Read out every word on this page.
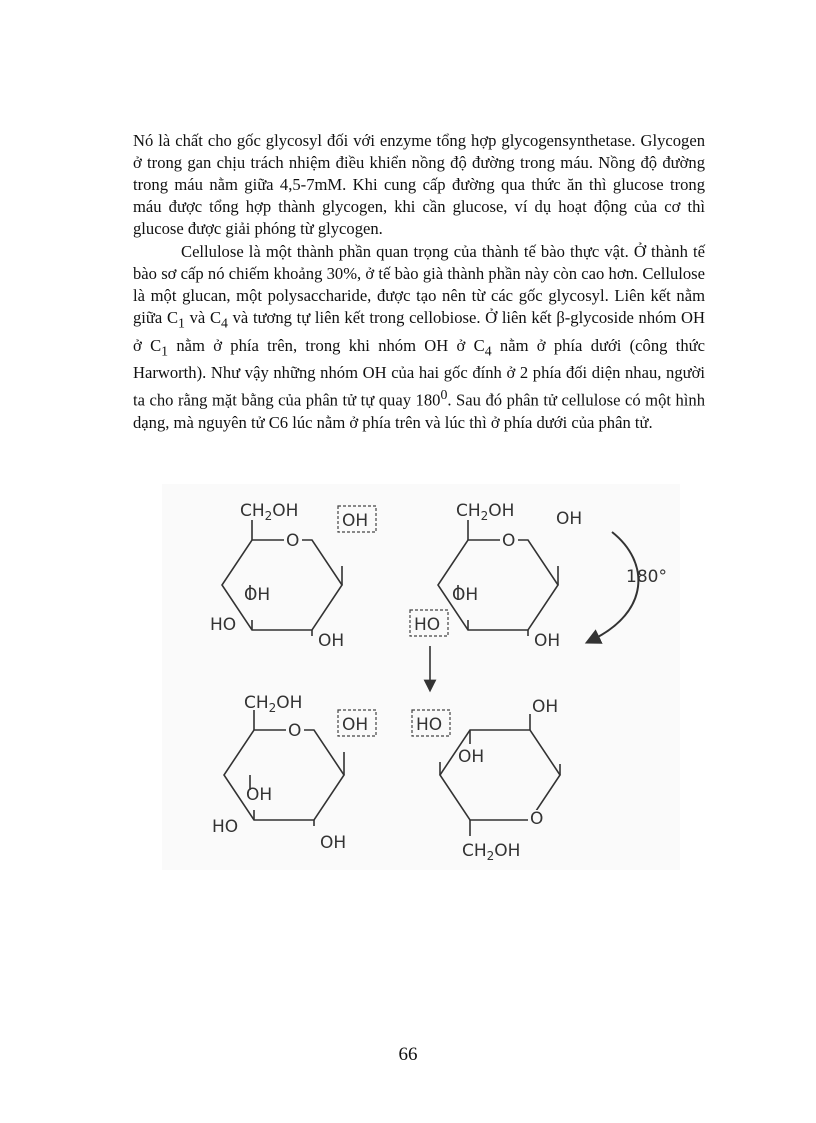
Nó là chất cho gốc glycosyl đối với enzyme tổng hợp glycogensynthetase. Glycogen ở trong gan chịu trách nhiệm điều khiển nồng độ đường trong máu. Nồng độ đường trong máu nằm giữa 4,5-7mM. Khi cung cấp đường qua thức ăn thì glucose trong máu được tổng hợp thành glycogen, khi cần glucose, ví dụ hoạt động của cơ thì glucose được giải phóng từ glycogen.

Cellulose là một thành phần quan trọng của thành tế bào thực vật. Ở thành tế bào sơ cấp nó chiếm khoảng 30%, ở tế bào già thành phần này còn cao hơn. Cellulose là một glucan, một polysaccharide, được tạo nên từ các gốc glycosyl. Liên kết nằm giữa $C_1$ và $C_4$ và tương tự liên kết trong cellobiose. Ở liên kết β-glycoside nhóm OH ở $C_1$ nằm ở phía trên, trong khi nhóm OH ở $C_4$ nằm ở phía dưới (công thức Harworth). Như vậy những nhóm OH của hai gốc đính ở 2 phía đối diện nhau, người ta cho rằng mặt bằng của phân tử tự quay $180^0$. Sau đó phân tử cellulose có một hình dạng, mà nguyên tử C6 lúc nằm ở phía trên và lúc thì ở phía dưới của phân tử.

O
$CH_2OH$	OH
OH
HO
OH
O
$CH_2OH$ OH
OH
HO
OH
180°
O
$CH_2OH$
OH
OH
HO
OH
O
HO
OH
OH
$CH_2OH$
66
